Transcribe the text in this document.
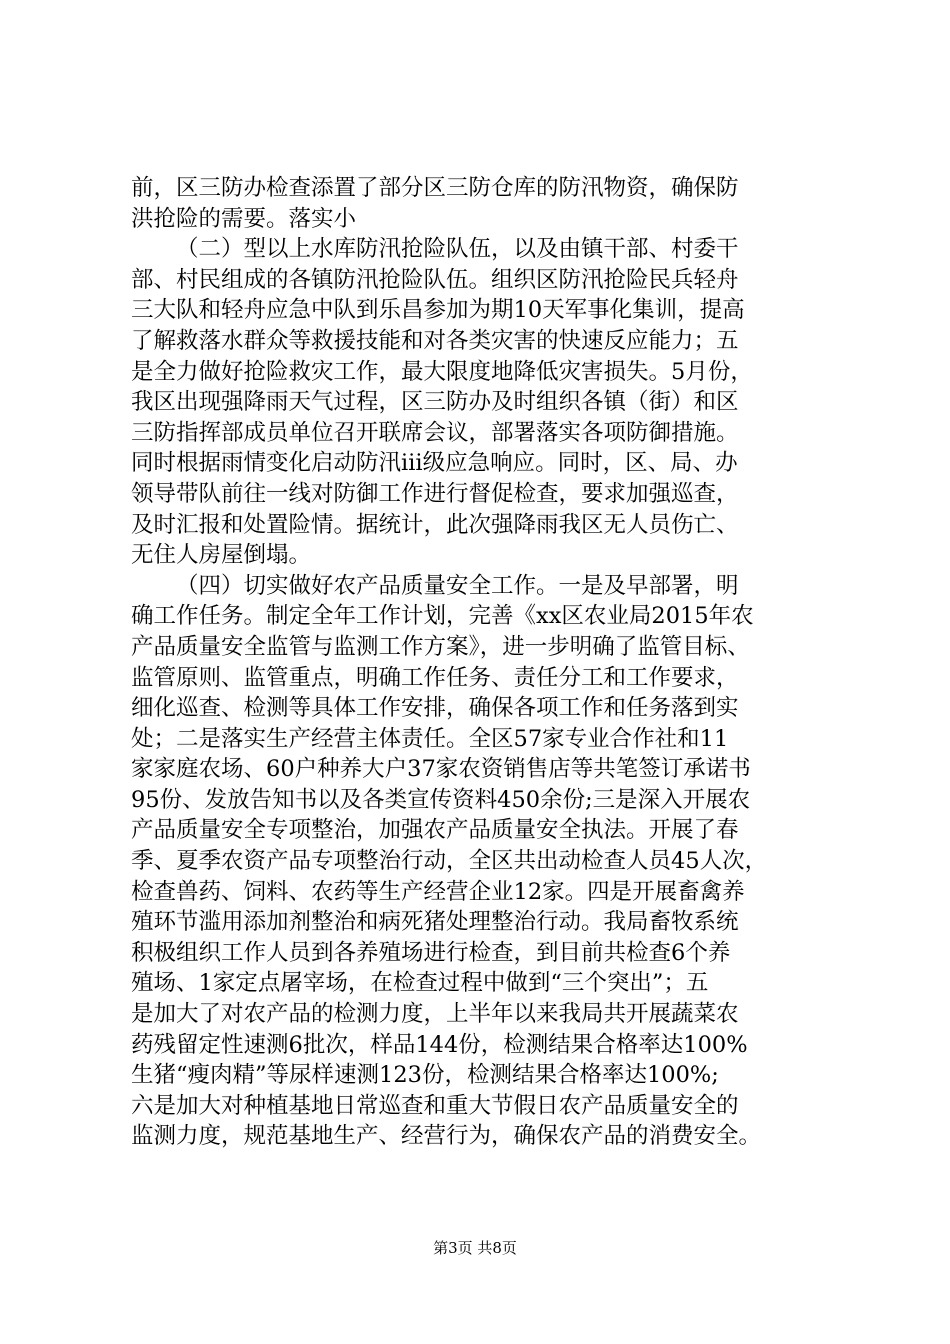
前，区三防办检查添置了部分区三防仓库的防汛物资，确保防
洪抢险的需要。落实小
（二）型以上水库防汛抢险队伍，以及由镇干部、村委干
部、村民组成的各镇防汛抢险队伍。组织区防汛抢险民兵轻舟
三大队和轻舟应急中队到乐昌参加为期10天军事化集训，提高
了解救落水群众等救援技能和对各类灾害的快速反应能力；五
是全力做好抢险救灾工作，最大限度地降低灾害损失。5月份，
我区出现强降雨天气过程，区三防办及时组织各镇（街）和区
三防指挥部成员单位召开联席会议，部署落实各项防御措施。
同时根据雨情变化启动防汛ⅲ级应急响应。同时，区、局、办
领导带队前往一线对防御工作进行督促检查，要求加强巡查，
及时汇报和处置险情。据统计，此次强降雨我区无人员伤亡、
无住人房屋倒塌。
（四）切实做好农产品质量安全工作。一是及早部署，明
确工作任务。制定全年工作计划，完善《xx区农业局2015年农
产品质量安全监管与监测工作方案》，进一步明确了监管目标、
监管原则、监管重点，明确工作任务、责任分工和工作要求，
细化巡查、检测等具体工作安排，确保各项工作和任务落到实
处；二是落实生产经营主体责任。全区57家专业合作社和11
家家庭农场、60户种养大户37家农资销售店等共笔签订承诺书
95份、发放告知书以及各类宣传资料450余份;三是深入开展农
产品质量安全专项整治，加强农产品质量安全执法。开展了春
季、夏季农资产品专项整治行动，全区共出动检查人员45人次，
检查兽药、饲料、农药等生产经营企业12家。四是开展畜禽养
殖环节滥用添加剂整治和病死猪处理整治行动。我局畜牧系统
积极组织工作人员到各养殖场进行检查，到目前共检查6个养
殖场、1家定点屠宰场，在检查过程中做到“三个突出”；五
是加大了对农产品的检测力度，上半年以来我局共开展蔬菜农
药残留定性速测6批次，样品144份，检测结果合格率达100%
生猪“瘦肉精”等尿样速测123份，检测结果合格率达100%;
六是加大对种植基地日常巡查和重大节假日农产品质量安全的
监测力度，规范基地生产、经营行为，确保农产品的消费安全。
第3页 共8页
